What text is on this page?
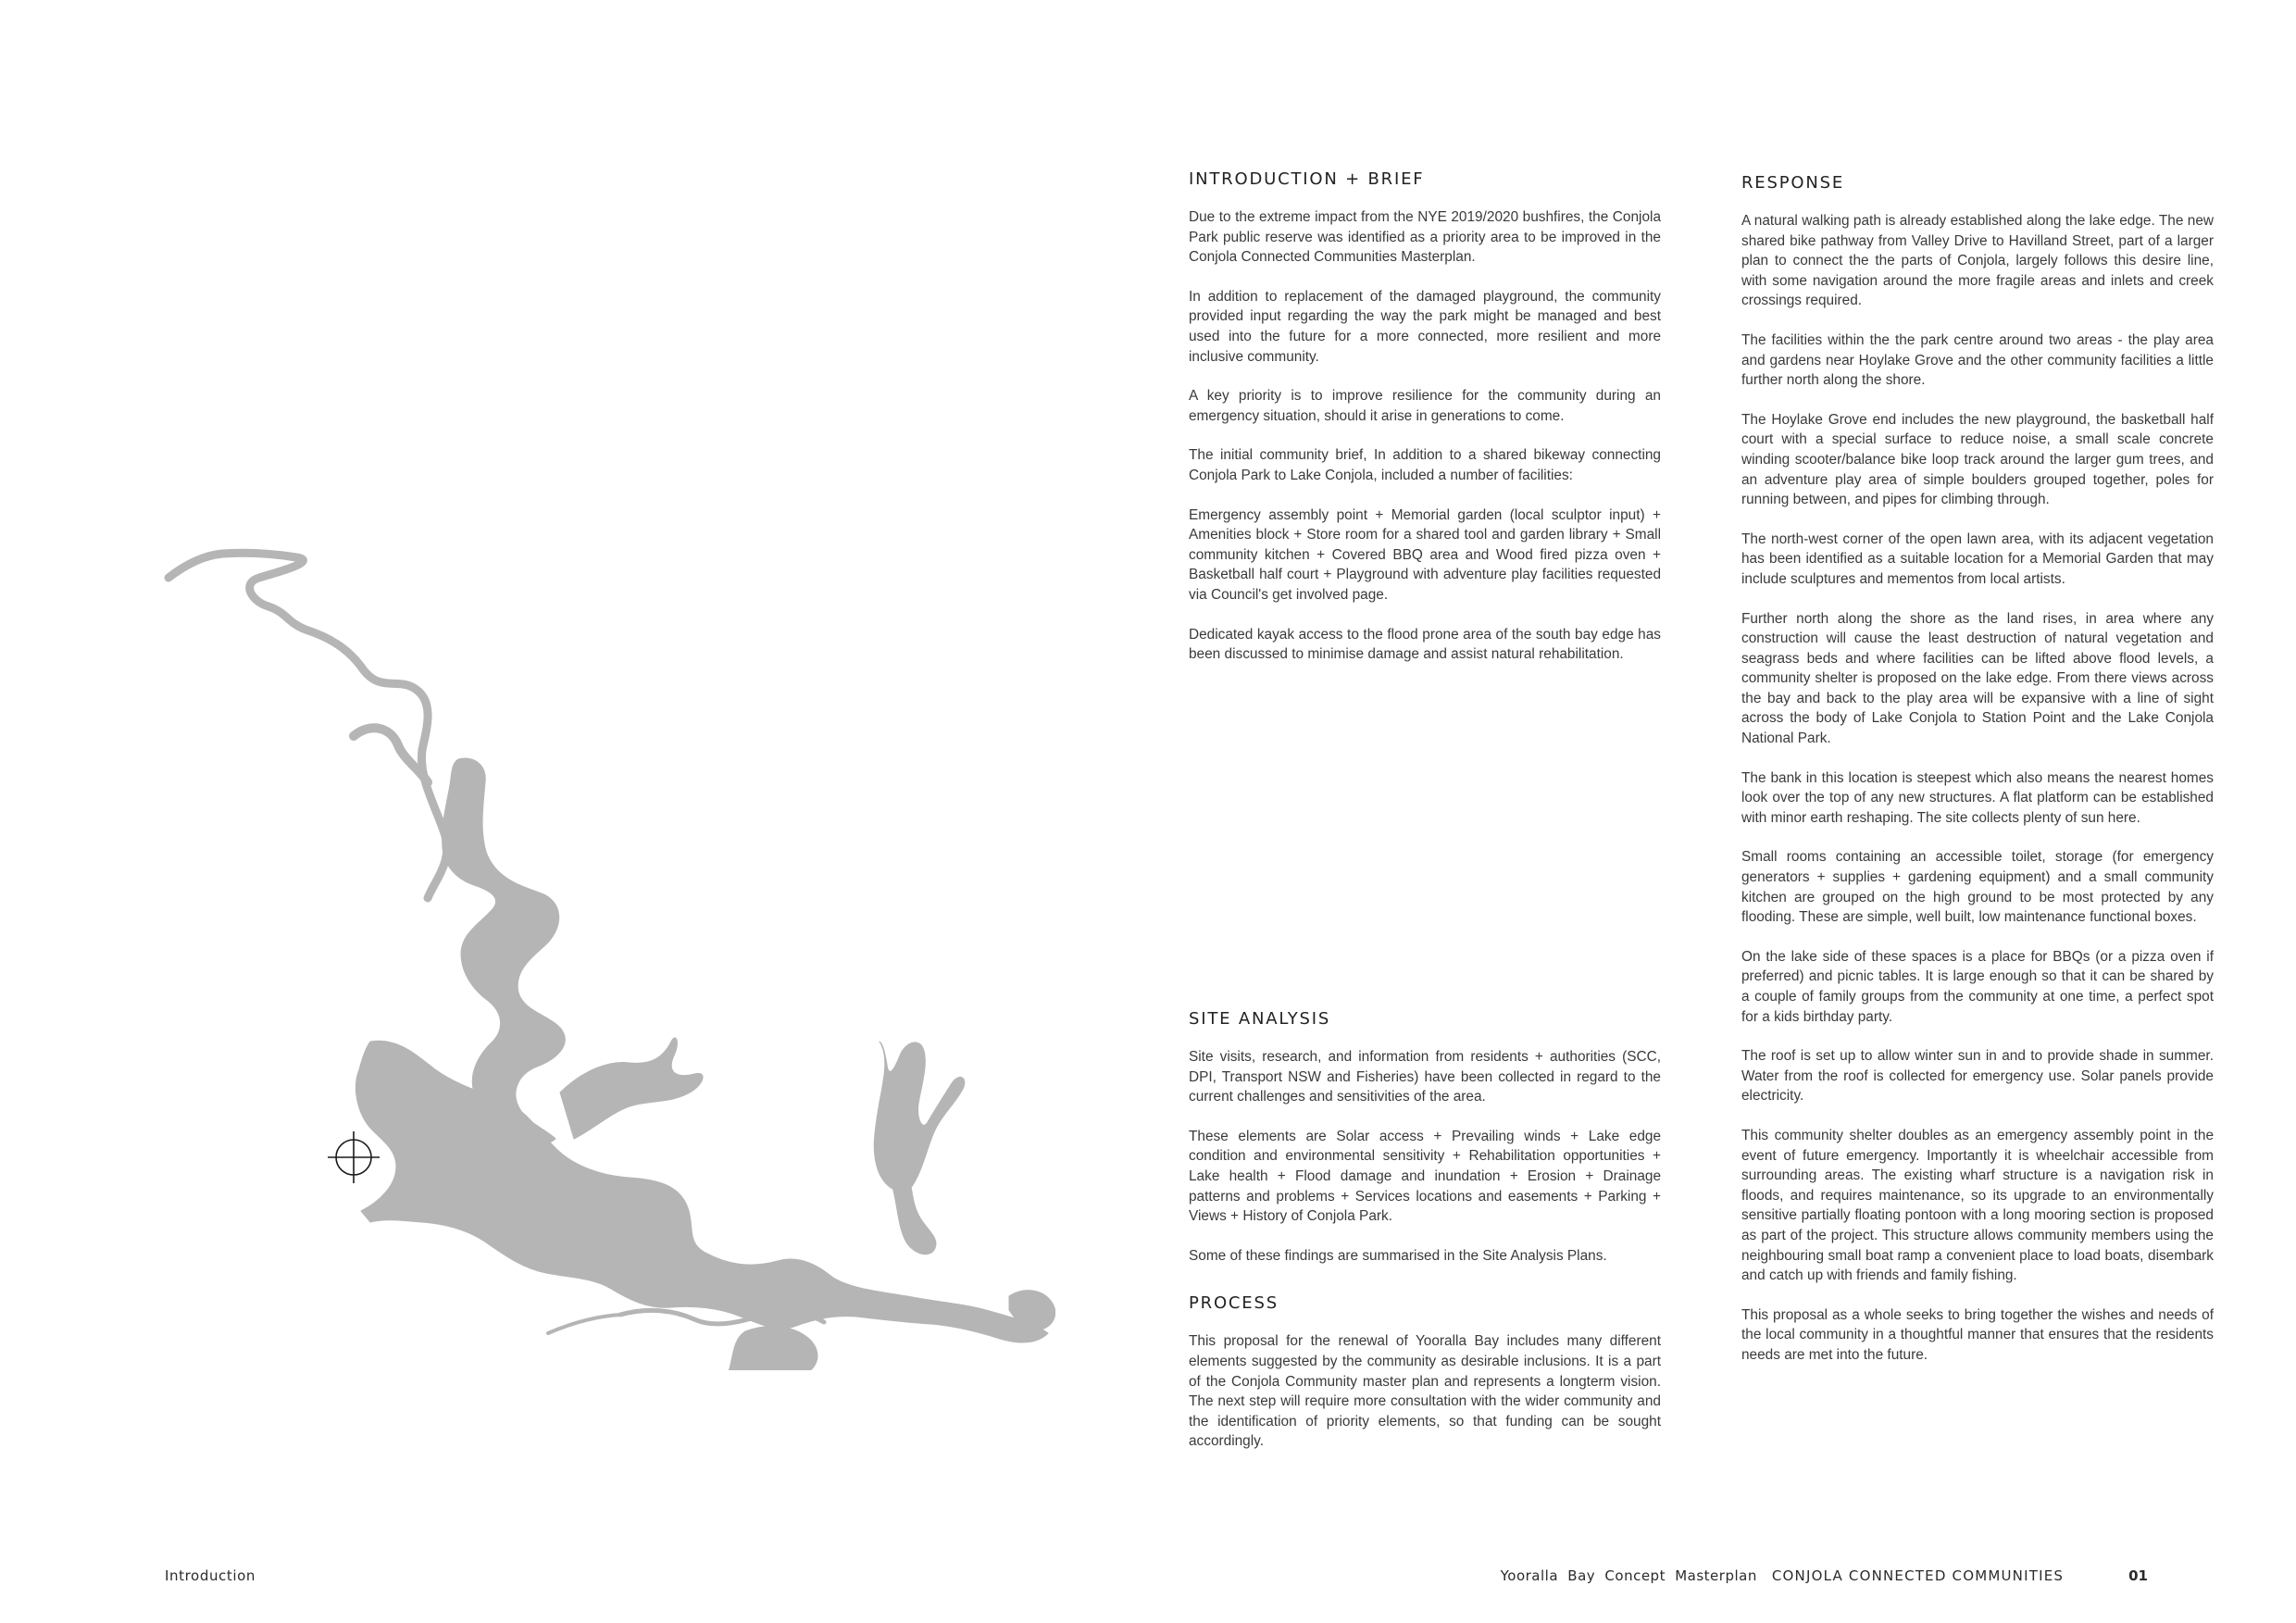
INTRODUCTION + BRIEF

Due to the extreme impact from the NYE 2019/2020 bushfires, the Conjola Park public reserve was identified as a priority area to be improved in the Conjola Connected Communities Masterplan.

In addition to replacement of the damaged playground, the community provided input regarding the way the park might be managed and best used into the future for a more connected, more resilient and more inclusive community.

A key priority is to improve resilience for the community during an emergency situation, should it arise in generations to come.

The initial community brief, In addition to a shared bikeway connecting Conjola Park to Lake Conjola, included a number of facilities:

Emergency assembly point + Memorial garden (local sculptor input) + Amenities block + Store room for a shared tool and garden library + Small community kitchen + Covered BBQ area and Wood fired pizza oven + Basketball half court + Playground with adventure play facilities requested via Council's get involved page.

Dedicated kayak access to the flood prone area of the south bay edge has been discussed to minimise damage and assist natural rehabilitation.

SITE ANALYSIS

Site visits, research, and information from residents + authorities (SCC, DPI, Transport NSW and Fisheries) have been collected in regard to the current challenges and sensitivities of the area.

These elements are Solar access + Prevailing winds + Lake edge condition and environmental sensitivity + Rehabilitation opportunities + Lake health + Flood damage and inundation + Erosion + Drainage patterns and problems + Services locations and easements + Parking + Views + History of Conjola Park.

Some of these findings are summarised in the Site Analysis Plans.

PROCESS

This proposal for the renewal of Yooralla Bay includes many different elements suggested by the community as desirable inclusions. It is a part of the Conjola Community master plan and represents a longterm vision. The next step will require more consultation with the wider community and the identification of priority elements, so that funding can be sought accordingly.

RESPONSE

A natural walking path is already established along the lake edge. The new shared bike pathway from Valley Drive to Havilland Street, part of a larger plan to connect the the parts of Conjola, largely follows this desire line, with some navigation around the more fragile areas and inlets and creek crossings required.

The facilities within the the park centre around two areas - the play area and gardens near Hoylake Grove and the other community facilities a little further north along the shore.

The Hoylake Grove end includes the new playground, the basketball half court with a special surface to reduce noise, a small scale concrete winding scooter/balance bike loop track around the larger gum trees, and an adventure play area of simple boulders grouped together, poles for running between, and pipes for climbing through.

The north-west corner of the open lawn area, with its adjacent vegetation has been identified as a suitable location for a Memorial Garden that may include sculptures and mementos from local artists.

Further north along the shore as the land rises, in area where any construction will cause the least destruction of natural vegetation and seagrass beds and where facilities can be lifted above flood levels, a community shelter is proposed on the lake edge. From there views across the bay and back to the play area will be expansive with a line of sight across the body of Lake Conjola to Station Point and the Lake Conjola National Park.

The bank in this location is steepest which also means the nearest homes look over the top of any new structures. A flat platform can be established with minor earth reshaping. The site collects plenty of sun here.

Small rooms containing an accessible toilet, storage (for emergency generators + supplies + gardening equipment) and a small community kitchen are grouped on the high ground to be most protected by any flooding. These are simple, well built, low maintenance functional boxes.

On the lake side of these spaces is a place for BBQs (or a pizza oven if preferred) and picnic tables. It is large enough so that it can be shared by a couple of family groups from the community at one time, a perfect spot for a kids birthday party.

The roof is set up to allow winter sun in and to provide shade in summer. Water from the roof is collected for emergency use. Solar panels provide electricity.

This community shelter doubles as an emergency assembly point in the event of future emergency. Importantly it is wheelchair accessible from surrounding areas. The existing wharf structure is a navigation risk in floods, and requires maintenance, so its upgrade to an environmentally sensitive partially floating pontoon with a long mooring section is proposed as part of the project. This structure allows community members using the neighbouring small boat ramp a convenient place to load boats, disembark and catch up with friends and family fishing.

This proposal as a whole seeks to bring together the wishes and needs of the local community in a thoughtful manner that ensures that the residents needs are met into the future.

Introduction	Yooralla Bay Concept Masterplan CONJOLA CONNECTED COMMUNITIES	01
